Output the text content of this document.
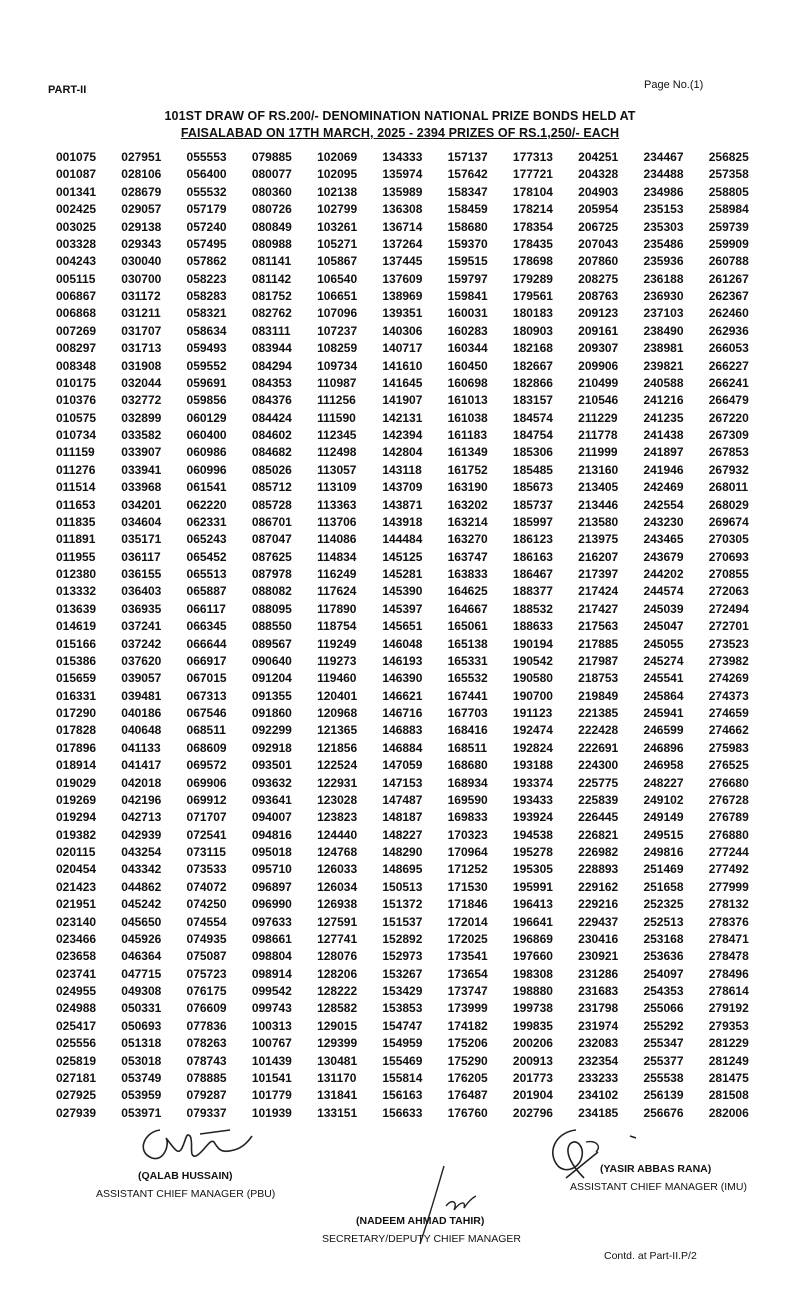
PART-II	Page No.(1)
101ST DRAW OF RS.200/- DENOMINATION NATIONAL PRIZE BONDS HELD AT
FAISALABAD ON 17TH MARCH, 2025 - 2394 PRIZES OF RS.1,250/- EACH
001075
001087
001341
002425
003025
003328
004243
005115
006867
006868
007269
008297
008348
010175
010376
010575
010734
011159
011276
011514
011653
011835
011891
011955
012380
013332
013639
014619
015166
015386
015659
016331
017290
017828
017896
018914
019029
019269
019294
019382
020115
020454
021423
021951
023140
023466
023658
023741
024955
024988
025417
025556
025819
027181
027925
027939
027951
028106
028679
029057
029138
029343
030040
030700
031172
031211
031707
031713
031908
032044
032772
032899
033582
033907
033941
033968
034201
034604
035171
036117
036155
036403
036935
037241
037242
037620
039057
039481
040186
040648
041133
041417
042018
042196
042713
042939
043254
043342
044862
045242
045650
045926
046364
047715
049308
050331
050693
051318
053018
053749
053959
053971
055553
056400
055532
057179
057240
057495
057862
058223
058283
058321
058634
059493
059552
059691
059856
060129
060400
060986
060996
061541
062220
062331
065243
065452
065513
065887
066117
066345
066644
066917
067015
067313
067546
068511
068609
069572
069906
069912
071707
072541
073115
073533
074072
074250
074554
074935
075087
075723
076175
076609
077836
078263
078743
078885
079287
079337
079885
080077
080360
080726
080849
080988
081141
081142
081752
082762
083111
083944
084294
084353
084376
084424
084602
084682
085026
085712
085728
086701
087047
087625
087978
088082
088095
088550
089567
090640
091204
091355
091860
092299
092918
093501
093632
093641
094007
094816
095018
095710
096897
096990
097633
098661
098804
098914
099542
099743
100313
100767
101439
101541
101779
101939
102069
102095
102138
102799
103261
105271
105867
106540
106651
107096
107237
108259
109734
110987
111256
111590
112345
112498
113057
113109
113363
113706
114086
114834
116249
117624
117890
118754
119249
119273
119460
120401
120968
121365
121856
122524
122931
123028
123823
124440
124768
126033
126034
126938
127591
127741
128076
128206
128222
128582
129015
129399
130481
131170
131841
133151
134333
135974
135989
136308
136714
137264
137445
137609
138969
139351
140306
140717
141610
141645
141907
142131
142394
142804
143118
143709
143871
143918
144484
145125
145281
145390
145397
145651
146048
146193
146390
146621
146716
146883
146884
147059
147153
147487
148187
148227
148290
148695
150513
151372
151537
152892
152973
153267
153429
153853
154747
154959
155469
155814
156163
156633
157137
157642
158347
158459
158680
159370
159515
159797
159841
160031
160283
160344
160450
160698
161013
161038
161183
161349
161752
163190
163202
163214
163270
163747
163833
164625
164667
165061
165138
165331
165532
167441
167703
168416
168511
168680
168934
169590
169833
170323
170964
171252
171530
171846
172014
172025
173541
173654
173747
173999
174182
175206
175290
176205
176487
176760
177313
177721
178104
178214
178354
178435
178698
179289
179561
180183
180903
182168
182667
182866
183157
184574
184754
185306
185485
185673
185737
185997
186123
186163
186467
188377
188532
188633
190194
190542
190580
190700
191123
192474
192824
193188
193374
193433
193924
194538
195278
195305
195991
196413
196641
196869
197660
198308
198880
199738
199835
200206
200913
201773
201904
202796
204251
204328
204903
205954
206725
207043
207860
208275
208763
209123
209161
209307
209906
210499
210546
211229
211778
211999
213160
213405
213446
213580
213975
216207
217397
217424
217427
217563
217885
217987
218753
219849
221385
222428
222691
224300
225775
225839
226445
226821
226982
228893
229162
229216
229437
230416
230921
231286
231683
231798
231974
232083
232354
233233
234102
234185
234467
234488
234986
235153
235303
235486
235936
236188
236930
237103
238490
238981
239821
240588
241216
241235
241438
241897
241946
242469
242554
243230
243465
243679
244202
244574
245039
245047
245055
245274
245541
245864
245941
246599
246896
246958
248227
249102
249149
249515
249816
251469
251658
252325
252513
253168
253636
254097
254353
255066
255292
255347
255377
255538
256139
256676
256825
257358
258805
258984
259739
259909
260788
261267
262367
262460
262936
266053
266227
266241
266479
267220
267309
267853
267932
268011
268029
269674
270305
270693
270855
272063
272494
272701
273523
273982
274269
274373
274659
274662
275983
276525
276680
276728
276789
276880
277244
277492
277999
278132
278376
278471
278478
278496
278614
279192
279353
281229
281249
281475
281508
282006
(QALAB HUSSAIN)
ASSISTANT CHIEF MANAGER (PBU)
(YASIR ABBAS RANA)
ASSISTANT CHIEF MANAGER (IMU)
(NADEEM AHMAD TAHIR)
SECRETARY/DEPUTY CHIEF MANAGER
Contd. at Part-II.P/2
